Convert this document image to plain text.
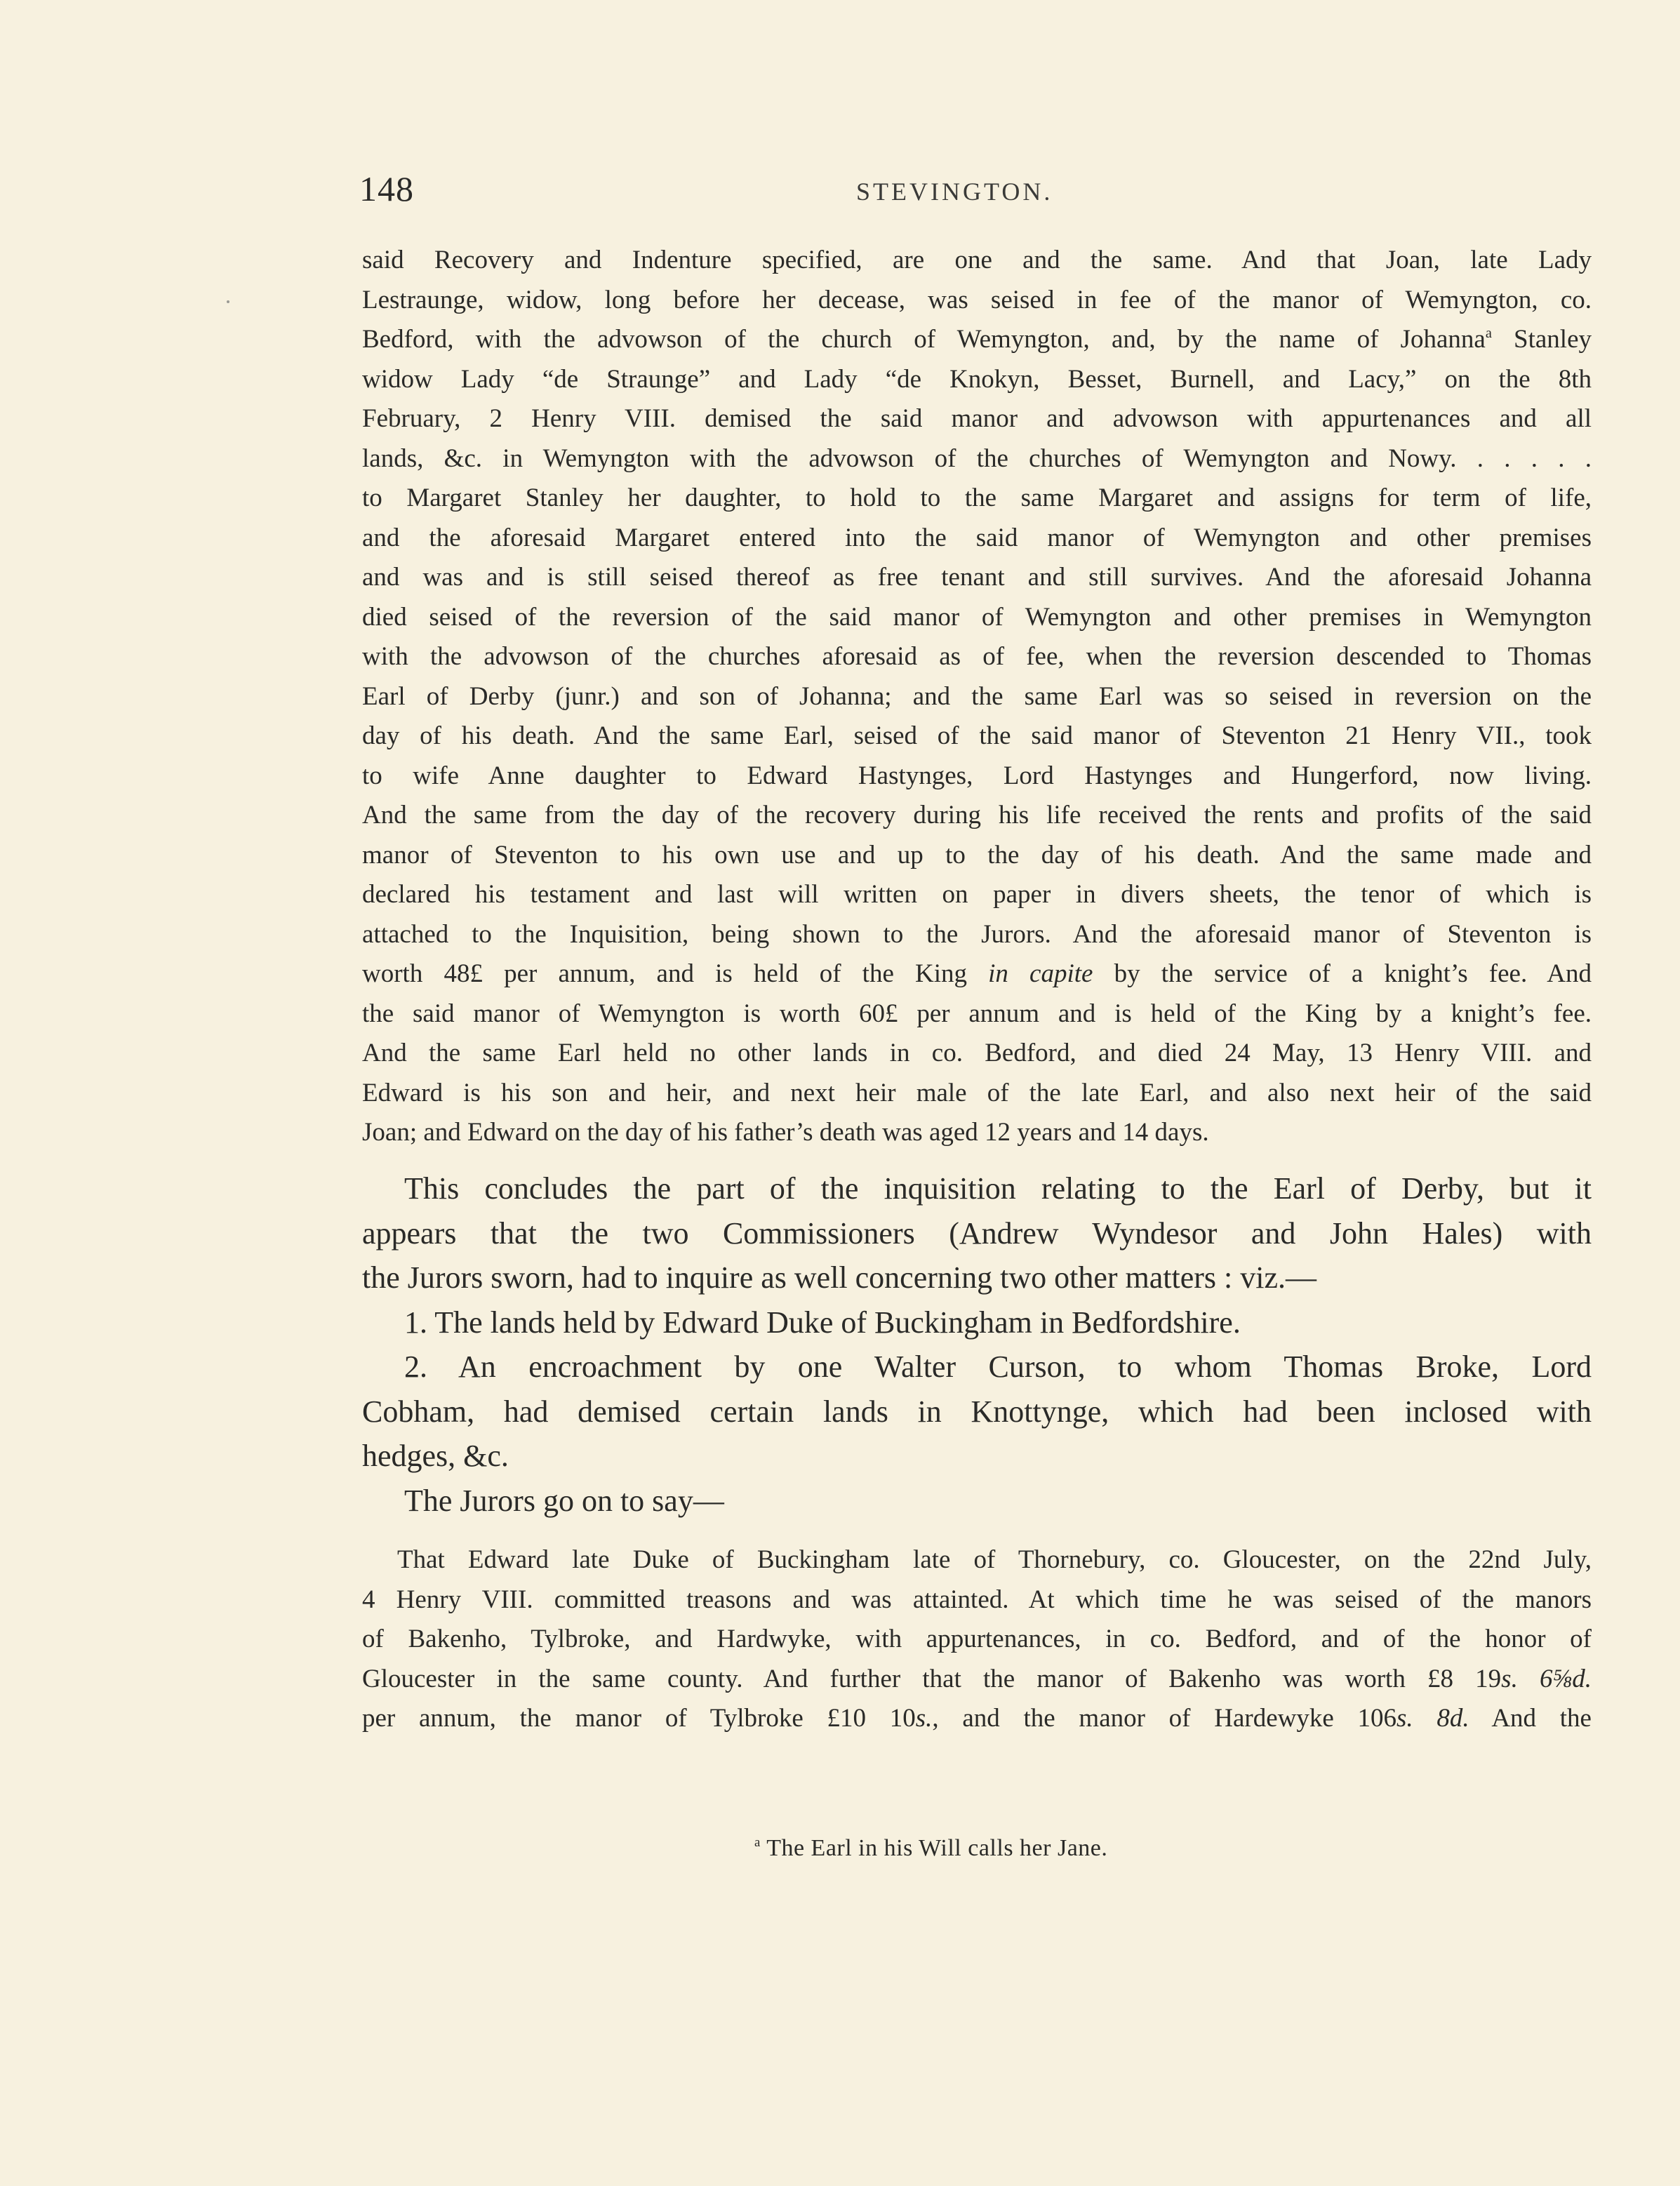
148	STEVINGTON.
said Recovery and Indenture specified, are one and the same. And that Joan, late Lady
Lestraunge, widow, long before her decease, was seised in fee of the manor of Wemyngton, co.
Bedford, with the advowson of the church of Wemyngton, and, by the name of Johanna$^a$ Stanley
widow Lady “de Straunge” and Lady “de Knokyn, Besset, Burnell, and Lacy,” on the 8th
February, 2 Henry VIII. demised the said manor and advowson with appurtenances and all
lands, &c. in Wemyngton with the advowson of the churches of Wemyngton and Nowy. . . . . .
to Margaret Stanley her daughter, to hold to the same Margaret and assigns for term of life,
and the aforesaid Margaret entered into the said manor of Wemyngton and other premises
and was and is still seised thereof as free tenant and still survives. And the aforesaid Johanna
died seised of the reversion of the said manor of Wemyngton and other premises in Wemyngton
with the advowson of the churches aforesaid as of fee, when the reversion descended to Thomas
Earl of Derby (junr.) and son of Johanna; and the same Earl was so seised in reversion on the
day of his death. And the same Earl, seised of the said manor of Steventon 21 Henry VII., took
to wife Anne daughter to Edward Hastynges, Lord Hastynges and Hungerford, now living.
And the same from the day of the recovery during his life received the rents and profits of the said
manor of Steventon to his own use and up to the day of his death. And the same made and
declared his testament and last will written on paper in divers sheets, the tenor of which is
attached to the Inquisition, being shown to the Jurors. And the aforesaid manor of Steventon is
worth 48£ per annum, and is held of the King in capite by the service of a knight’s fee. And
the said manor of Wemyngton is worth 60£ per annum and is held of the King by a knight’s fee.
And the same Earl held no other lands in co. Bedford, and died 24 May, 13 Henry VIII. and
Edward is his son and heir, and next heir male of the late Earl, and also next heir of the said
Joan; and Edward on the day of his father’s death was aged 12 years and 14 days.
This concludes the part of the inquisition relating to the Earl of Derby, but it
appears that the two Commissioners (Andrew Wyndesor and John Hales) with
the Jurors sworn, had to inquire as well concerning two other matters : viz.—
1. The lands held by Edward Duke of Buckingham in Bedfordshire.
2. An encroachment by one Walter Curson, to whom Thomas Broke, Lord
Cobham, had demised certain lands in Knottynge, which had been inclosed with
hedges, &c.
The Jurors go on to say—
That Edward late Duke of Buckingham late of Thornebury, co. Gloucester, on the 22nd July,
4 Henry VIII. committed treasons and was attainted. At which time he was seised of the manors
of Bakenho, Tylbroke, and Hardwyke, with appurtenances, in co. Bedford, and of the honor of
Gloucester in the same county. And further that the manor of Bakenho was worth £8 19s. 6⅝d.
per annum, the manor of Tylbroke £10 10s., and the manor of Hardewyke 106s. 8d. And the
$^a$ The Earl in his Will calls her Jane.
